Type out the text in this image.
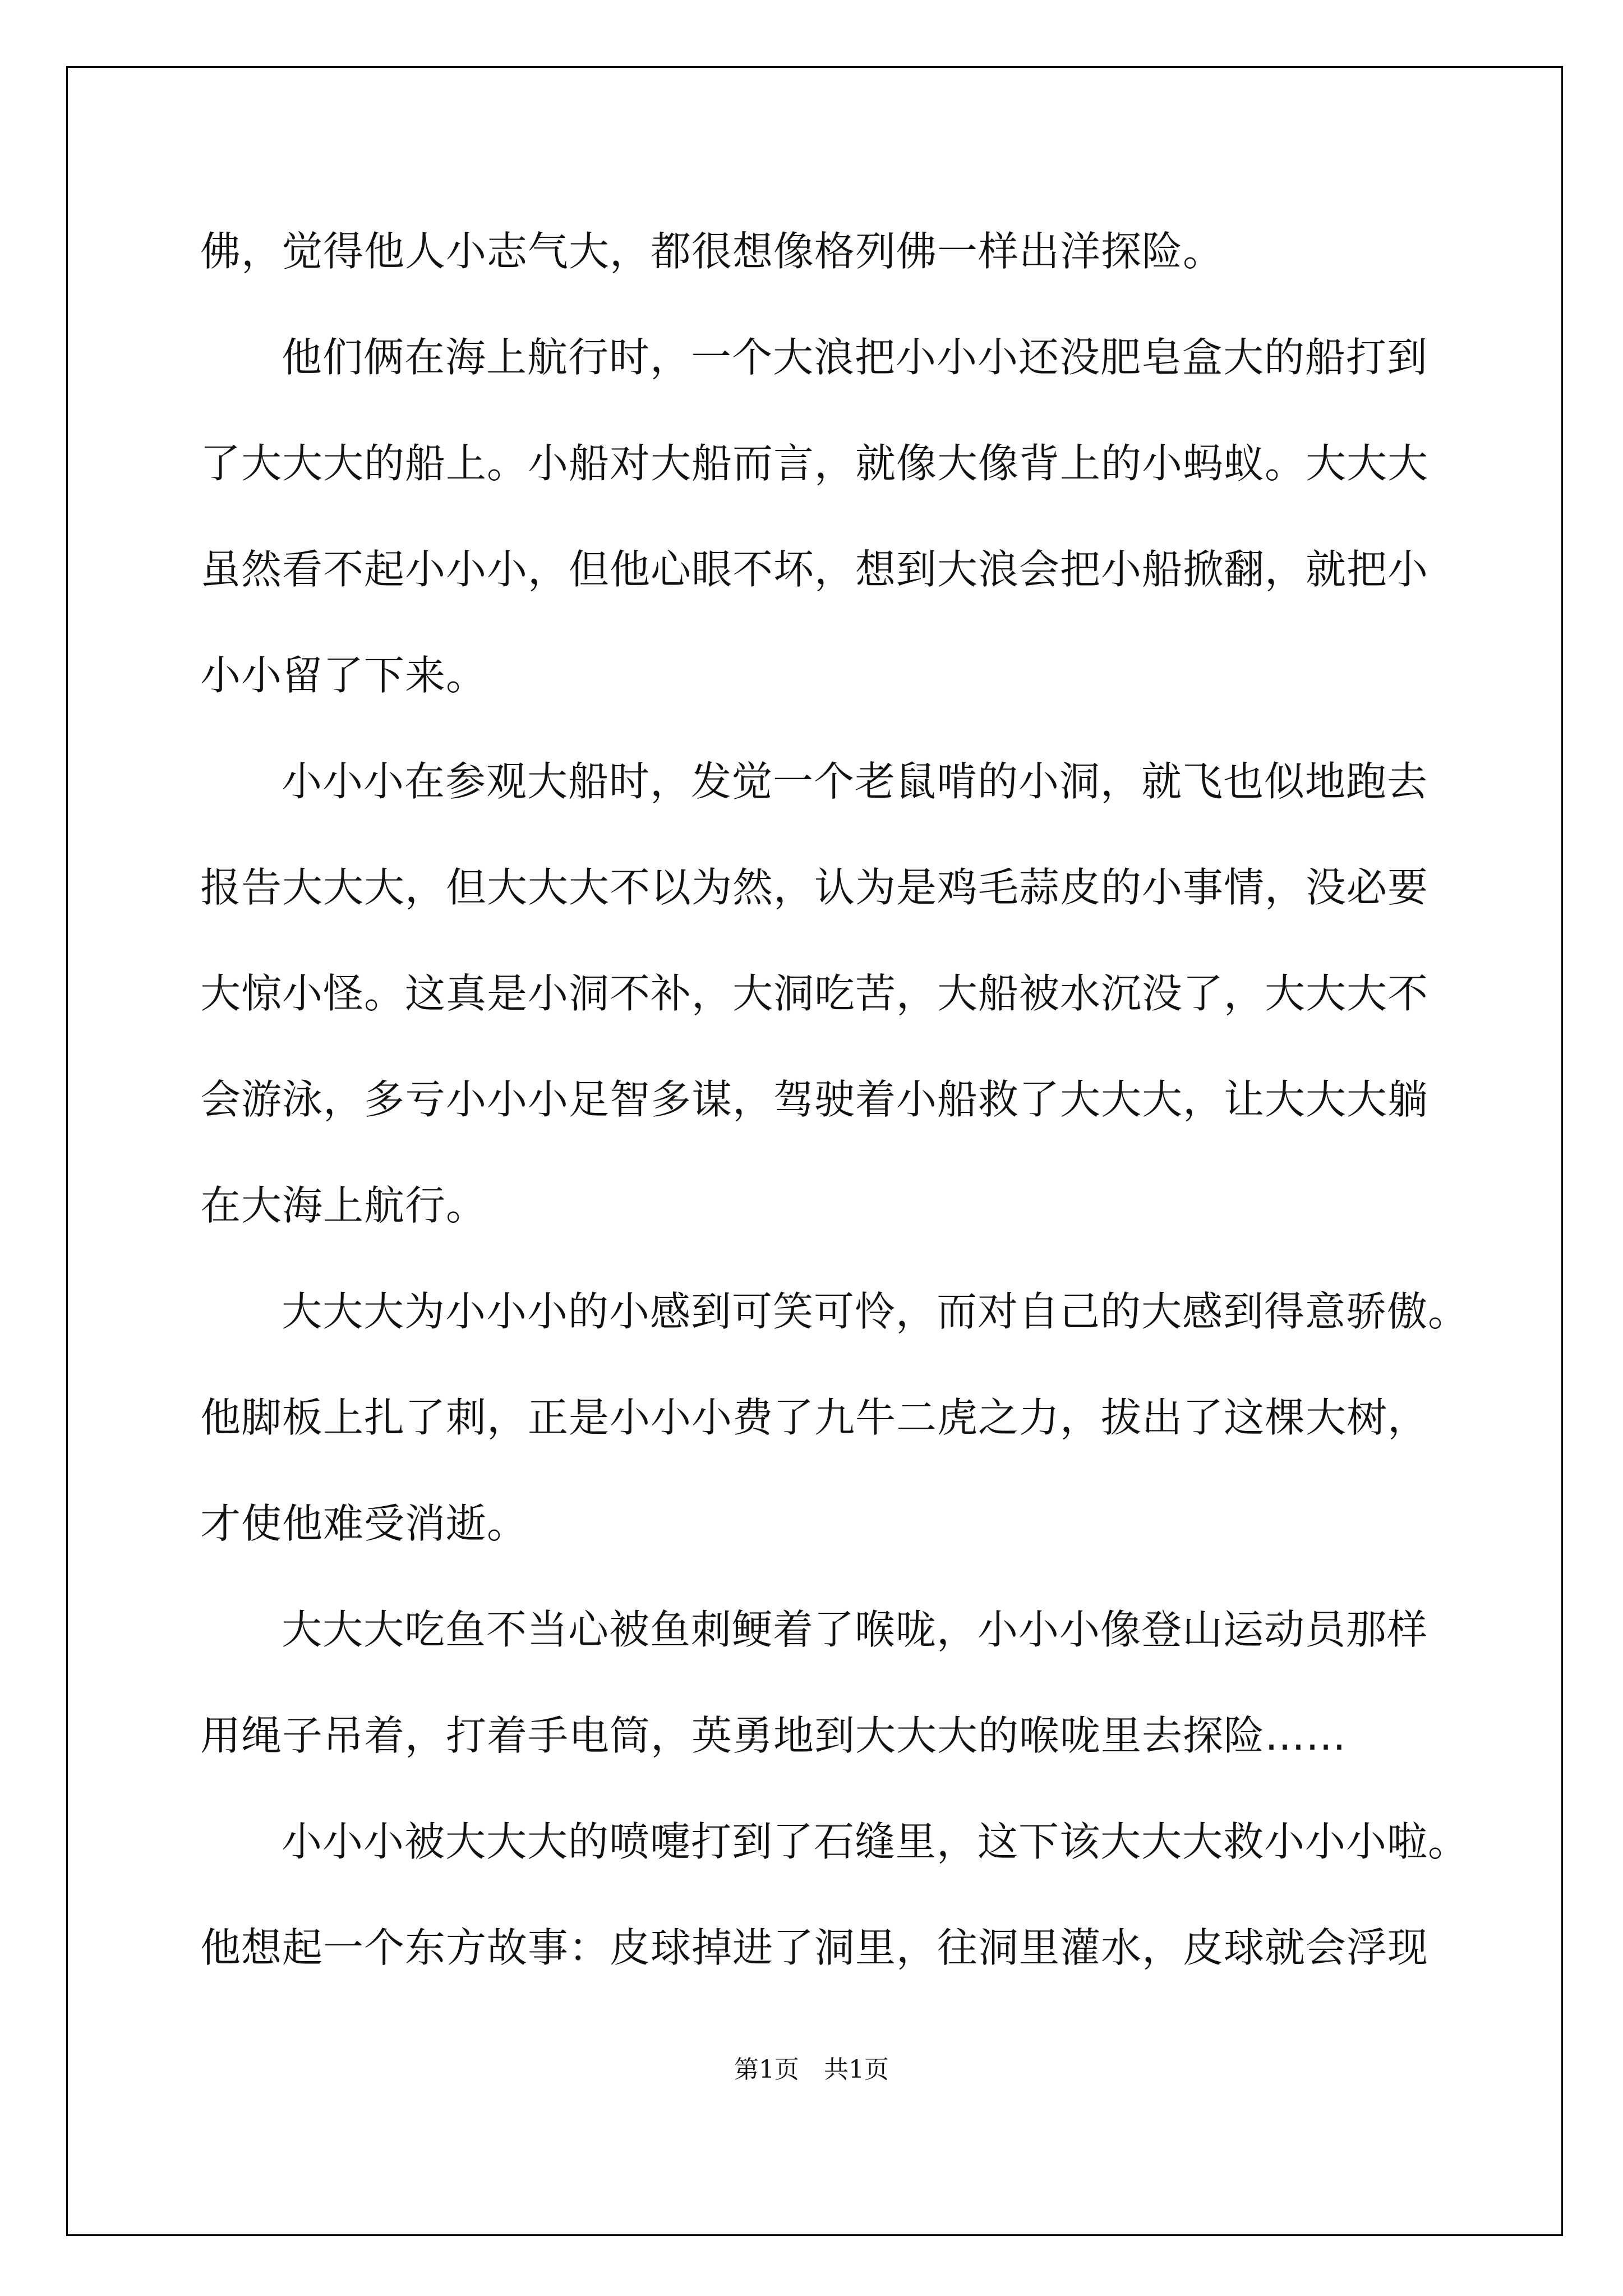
佛，觉得他人小志气大，都很想像格列佛一样出洋探险。
他们俩在海上航行时，一个大浪把小小小还没肥皂盒大的船打到
了大大大的船上。小船对大船而言，就像大像背上的小蚂蚁。大大大
虽然看不起小小小，但他心眼不坏，想到大浪会把小船掀翻，就把小
小小留了下来。
小小小在参观大船时，发觉一个老鼠啃的小洞，就飞也似地跑去
报告大大大，但大大大不以为然，认为是鸡毛蒜皮的小事情，没必要
大惊小怪。这真是小洞不补，大洞吃苦，大船被水沉没了，大大大不
会游泳，多亏小小小足智多谋，驾驶着小船救了大大大，让大大大躺
在大海上航行。
大大大为小小小的小感到可笑可怜，而对自己的大感到得意骄傲。
他脚板上扎了刺，正是小小小费了九牛二虎之力，拔出了这棵大树，
才使他难受消逝。
大大大吃鱼不当心被鱼刺鲠着了喉咙，小小小像登山运动员那样
用绳子吊着，打着手电筒，英勇地到大大大的喉咙里去探险……
小小小被大大大的喷嚏打到了石缝里，这下该大大大救小小小啦。
他想起一个东方故事：皮球掉进了洞里，往洞里灌水，皮球就会浮现
第1页　共1页
